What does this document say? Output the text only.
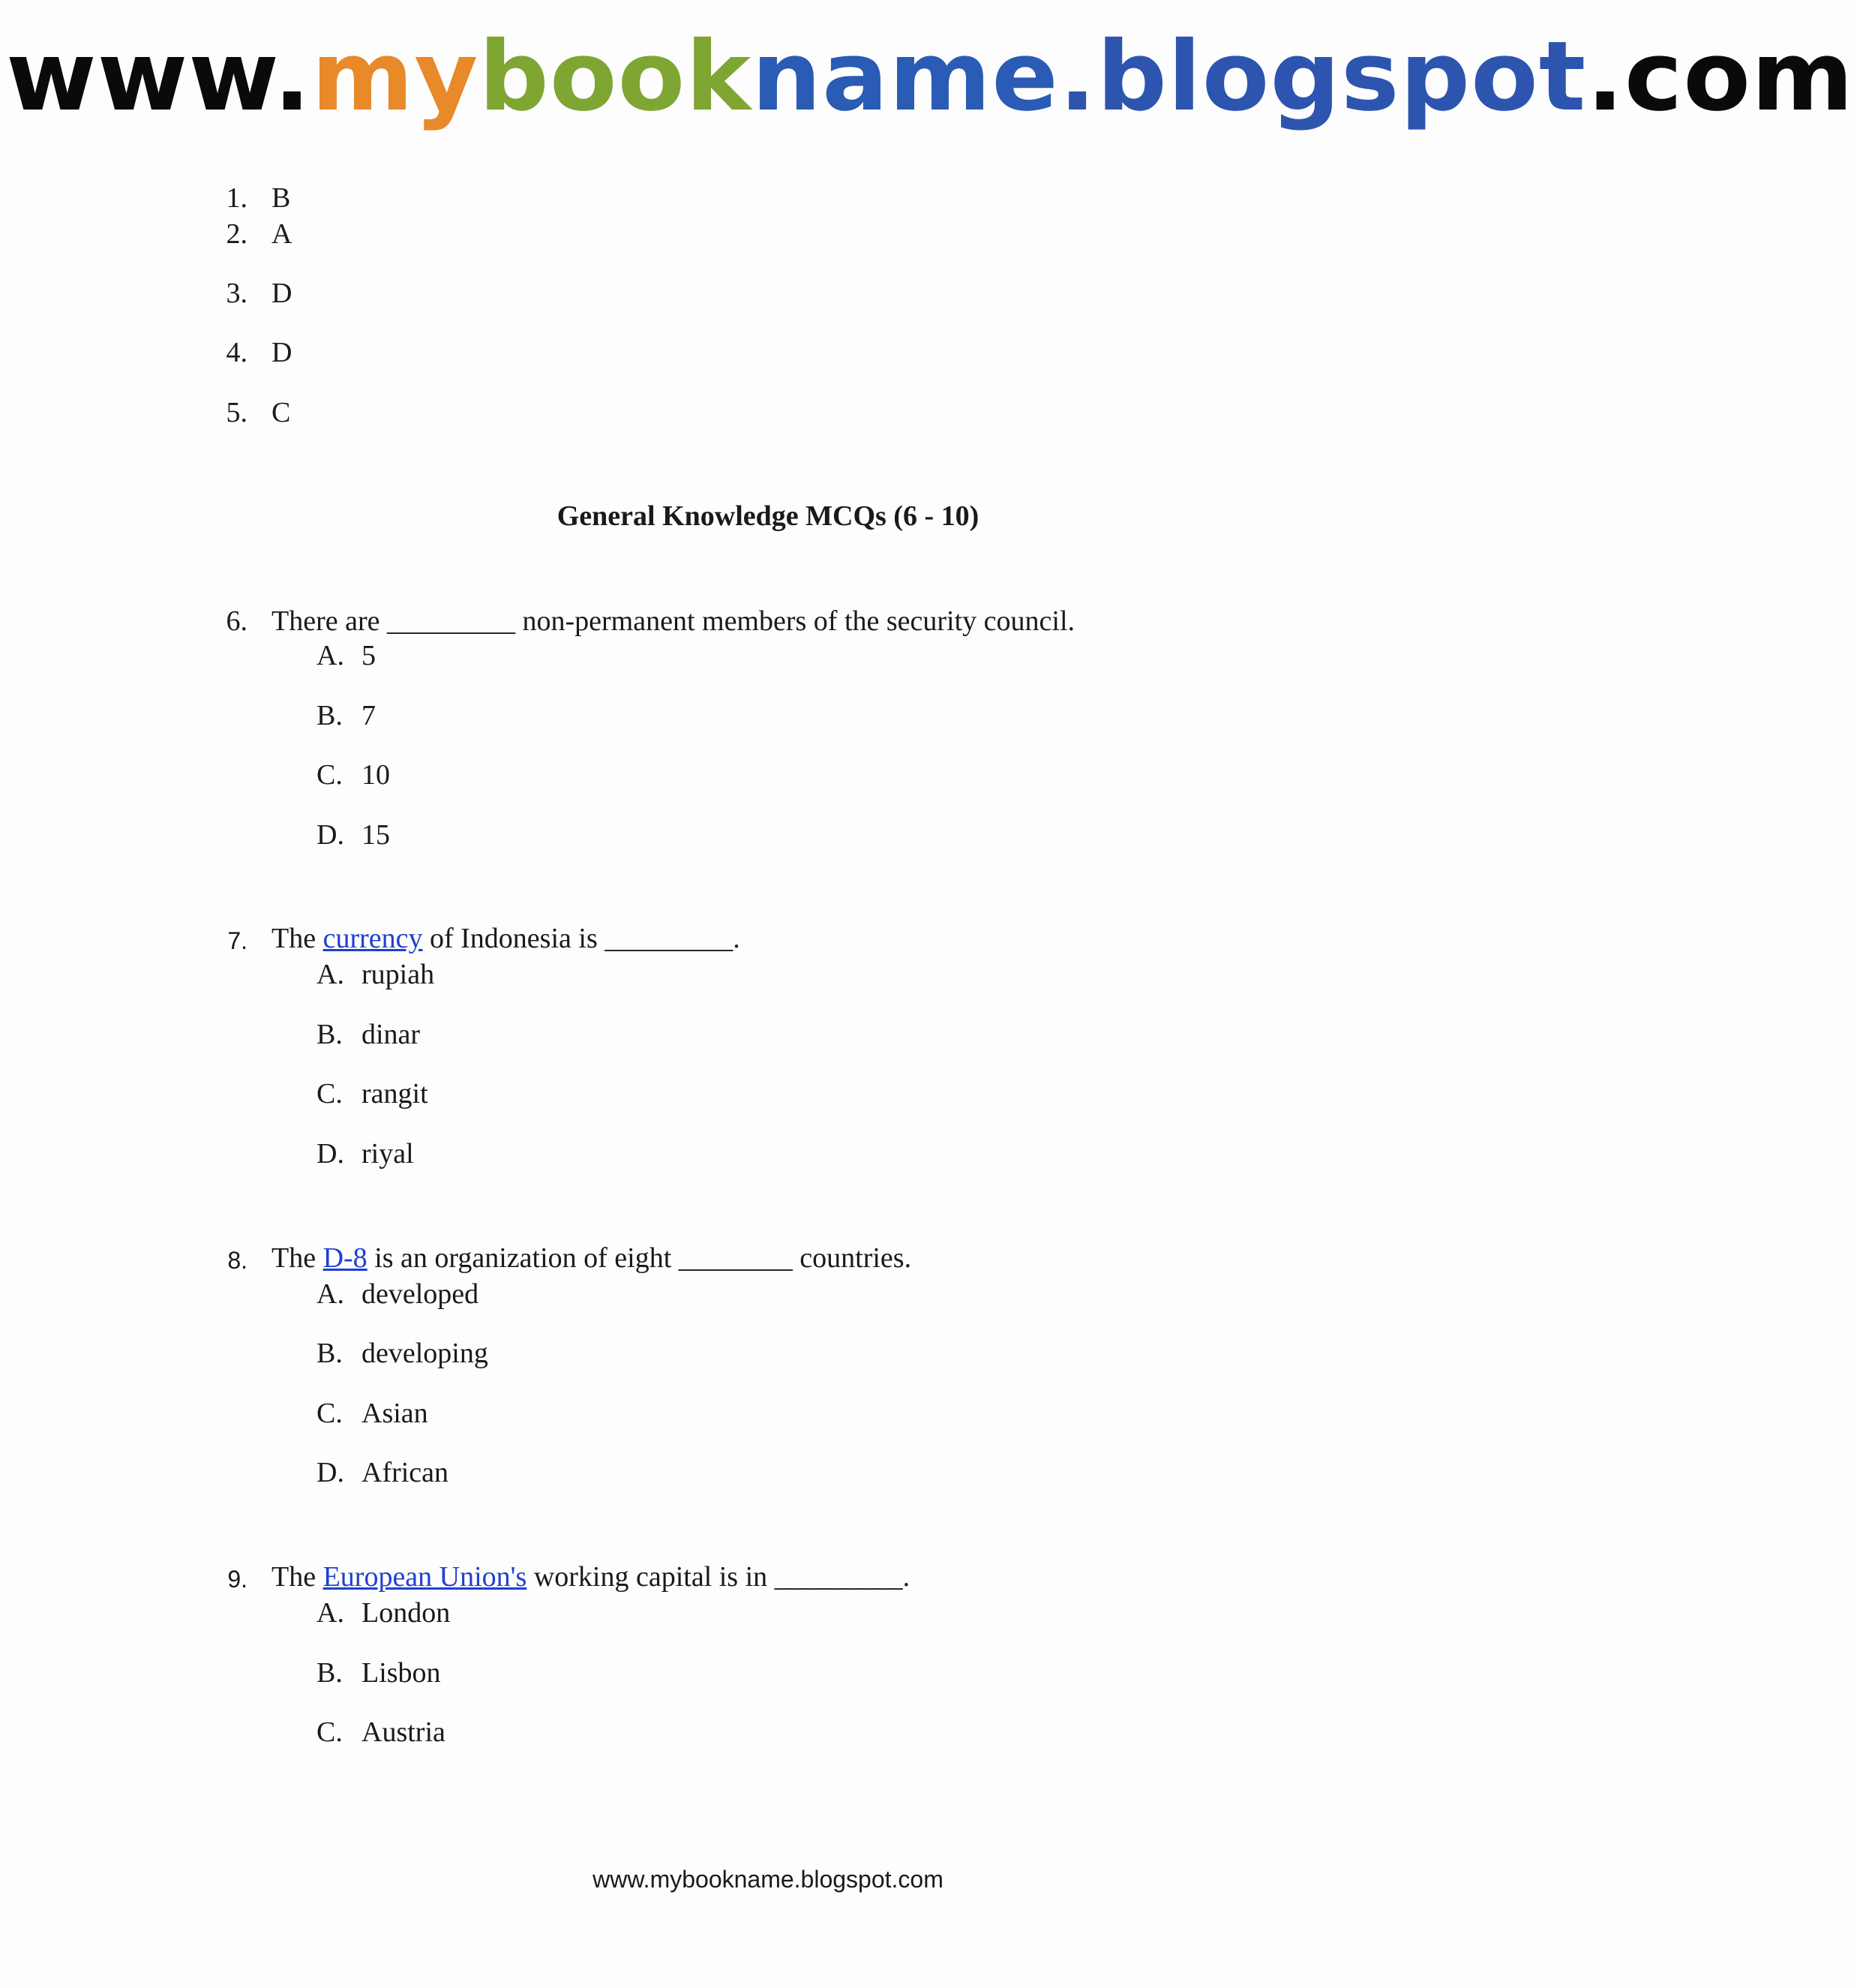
www.mybookname.blogspot.com
1. B
2. A
3. D
4. D
5. C
General Knowledge MCQs (6 - 10)
6. There are _________ non-permanent members of the security council.
A. 5
B. 7
C. 10
D. 15
7. The currency of Indonesia is _________.
A. rupiah
B. dinar
C. rangit
D. riyal
8. The D-8 is an organization of eight ________ countries.
A. developed
B. developing
C. Asian
D. African
9. The European Union's working capital is in _________.
A. London
B. Lisbon
C. Austria
www.mybookname.blogspot.com
